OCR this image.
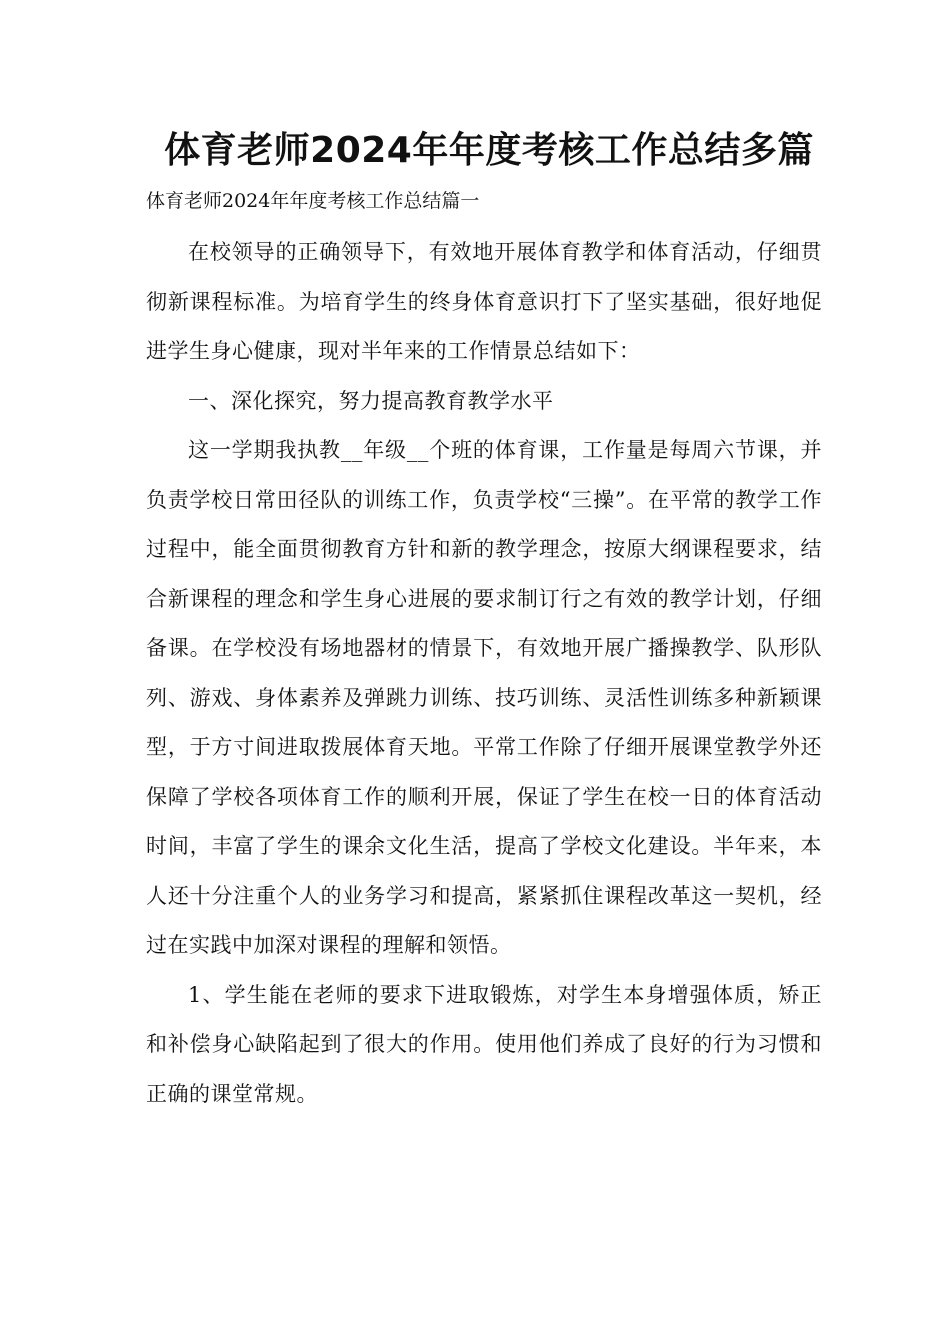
体育老师2024年年度考核工作总结多篇
体育老师2024年年度考核工作总结篇一

在校领导的正确领导下，有效地开展体育教学和体育活动，仔细贯彻新课程标准。为培育学生的终身体育意识打下了坚实基础，很好地促进学生身心健康，现对半年来的工作情景总结如下：

一、深化探究，努力提高教育教学水平

这一学期我执教__年级__个班的体育课，工作量是每周六节课，并负责学校日常田径队的训练工作，负责学校“三操”。在平常的教学工作过程中，能全面贯彻教育方针和新的教学理念，按原大纲课程要求，结合新课程的理念和学生身心进展的要求制订行之有效的教学计划，仔细备课。在学校没有场地器材的情景下，有效地开展广播操教学、队形队列、游戏、身体素养及弹跳力训练、技巧训练、灵活性训练多种新颖课型，于方寸间进取拨展体育天地。平常工作除了仔细开展课堂教学外还保障了学校各项体育工作的顺利开展，保证了学生在校一日的体育活动时间，丰富了学生的课余文化生活，提高了学校文化建设。半年来，本人还十分注重个人的业务学习和提高，紧紧抓住课程改革这一契机，经过在实践中加深对课程的理解和领悟。

1、学生能在老师的要求下进取锻炼，对学生本身增强体质，矫正和补偿身心缺陷起到了很大的作用。使用他们养成了良好的行为习惯和正确的课堂常规。
